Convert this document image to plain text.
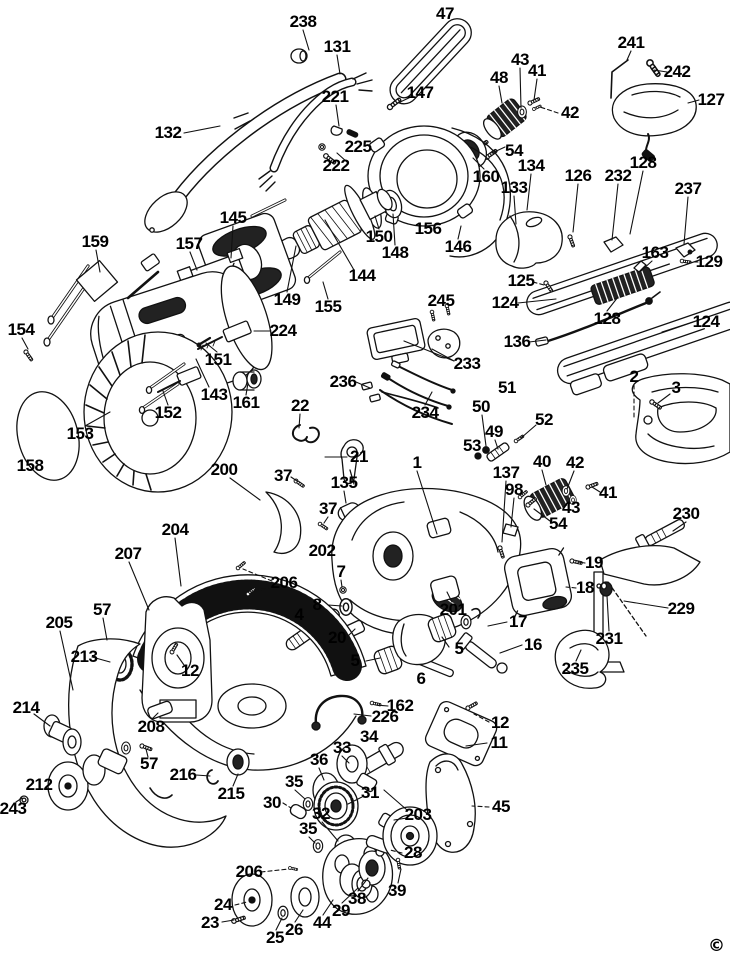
238	47
131	241
43
41	242
48
221	147	127
42
132
225	54
222	128
134
126 232
160
133	237
145
156
150
159	157	146
148	163 129
144	125
149	245 124
155
128	124
154	224
136
151	233
2
236	51	3
143 161 22	50
152	234	52
49
153
53
21	40 42
1
158	200 37	137
135	98	41
43
37	230
54
204
202
207	19
7
206	18
8
57	229
201
4
205	17
20	231
16
5
213	5	235
12	6
214	162
226	12
208
34	11
33
36
57
216	35
212	215	31
30	45
243	32	203
35
28
206
39
38
29
24
23	44
26
25	©
